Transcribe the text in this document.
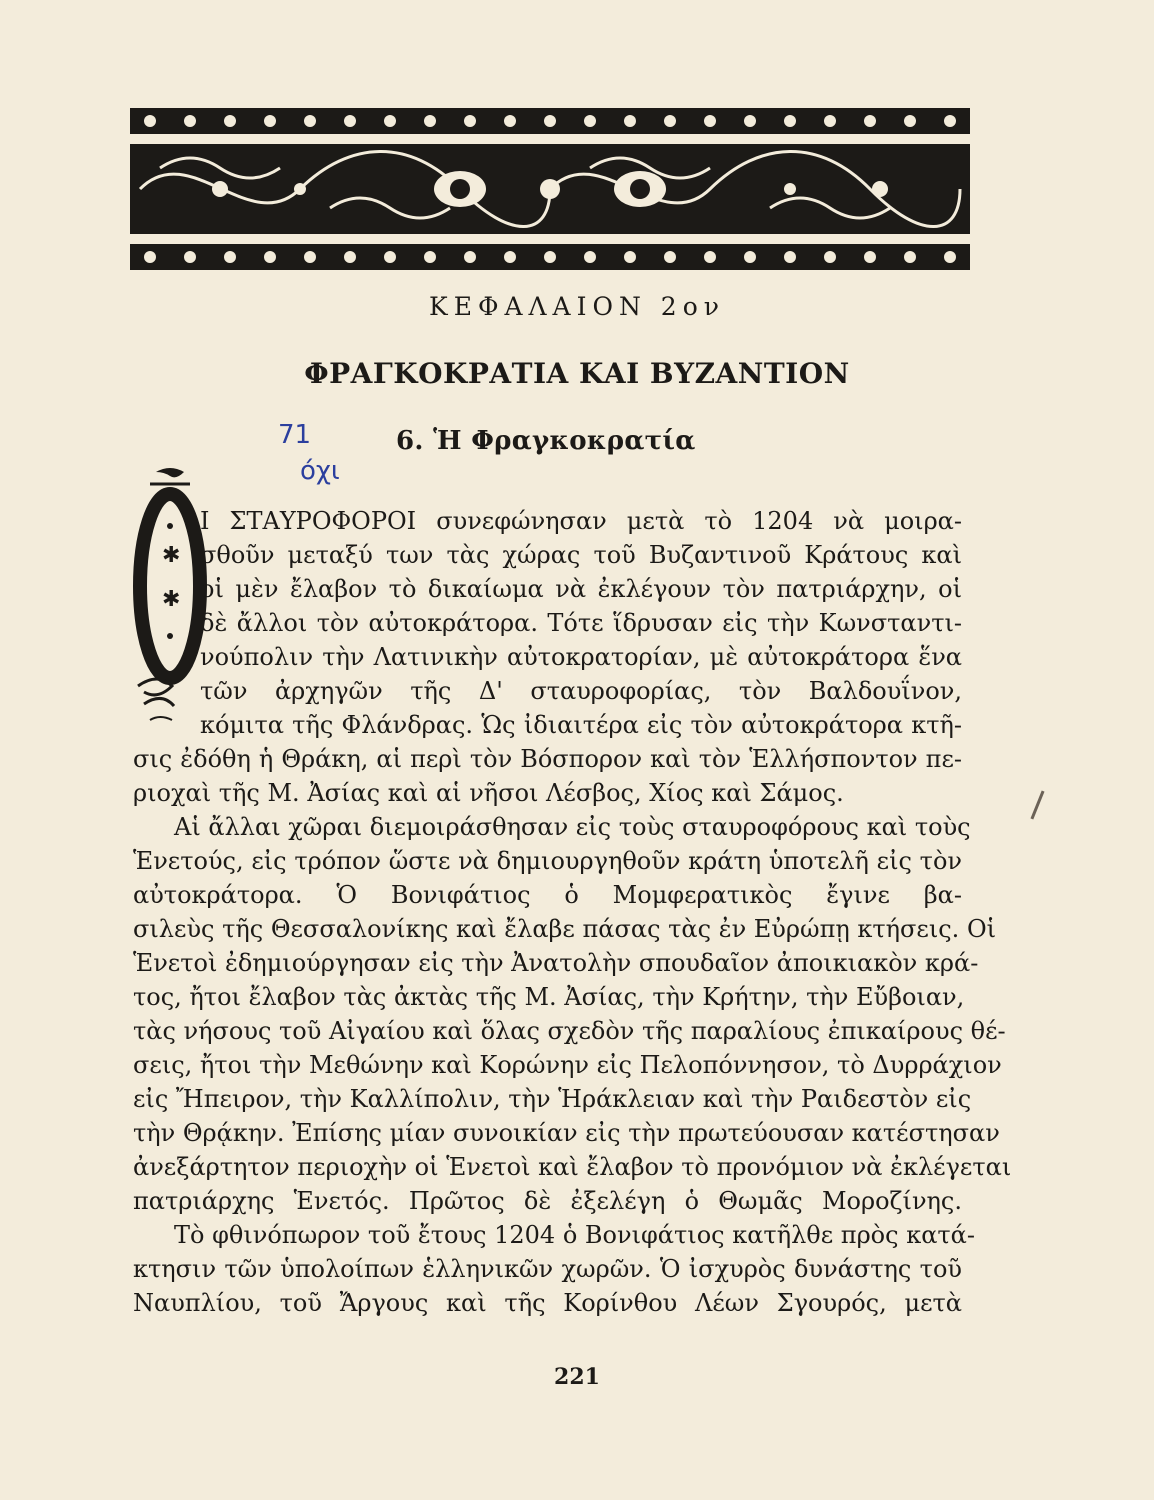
ΚΕΦΑΛΑΙΟΝ 2ον
ΦΡΑΓΚΟΚΡΑΤΙΑ ΚΑΙ ΒΥΖΑΝΤΙΟΝ
71
όχι
6. Ἡ Φραγκοκρατία
✱
✱
Ι ΣΤΑΥΡΟΦΟΡΟΙ συνεφώνησαν μετὰ τὸ 1204 νὰ μοιρα-
σθοῦν μεταξύ των τὰς χώρας τοῦ Βυζαντινοῦ Κράτους καὶ
οἱ μὲν ἔλαβον τὸ δικαίωμα νὰ ἐκλέγουν τὸν πατριάρχην, οἱ
δὲ ἄλλοι τὸν αὐτοκράτορα. Τότε ἵδρυσαν εἰς τὴν Κωνσταντι-
νούπολιν τὴν Λατινικὴν αὐτοκρατορίαν, μὲ αὐτοκράτορα ἕνα
τῶν ἀρχηγῶν τῆς Δ' σταυροφορίας, τὸν Βαλδουΐνον,
κόμιτα τῆς Φλάνδρας. Ὡς ἰδιαιτέρα εἰς τὸν αὐτοκράτορα κτῆ-
σις ἐδόθη ἡ Θράκη, αἱ περὶ τὸν Βόσπορον καὶ τὸν Ἑλλήσποντον πε-
ριοχαὶ τῆς Μ. Ἀσίας καὶ αἱ νῆσοι Λέσβος, Χίος καὶ Σάμος.
Αἱ ἄλλαι χῶραι διεμοιράσθησαν εἰς τοὺς σταυροφόρους καὶ τοὺς
Ἑνετούς, εἰς τρόπον ὥστε νὰ δημιουργηθοῦν κράτη ὑποτελῆ εἰς τὸν
αὐτοκράτορα. Ὁ Βονιφάτιος ὁ Μομφερατικὸς ἔγινε βα-
σιλεὺς τῆς Θεσσαλονίκης καὶ ἔλαβε πάσας τὰς ἐν Εὐρώπῃ κτήσεις. Οἱ
Ἑνετοὶ ἐδημιούργησαν εἰς τὴν Ἀνατολὴν σπουδαῖον ἀποικιακὸν κρά-
τος, ἤτοι ἔλαβον τὰς ἀκτὰς τῆς Μ. Ἀσίας, τὴν Κρήτην, τὴν Εὔβοιαν,
τὰς νήσους τοῦ Αἰγαίου καὶ ὅλας σχεδὸν τῆς παραλίους ἐπικαίρους θέ-
σεις, ἤτοι τὴν Μεθώνην καὶ Κορώνην εἰς Πελοπόννησον, τὸ Δυρράχιον
εἰς Ἤπειρον, τὴν Καλλίπολιν, τὴν Ἡράκλειαν καὶ τὴν Ραιδεστὸν εἰς
τὴν Θρᾴκην. Ἐπίσης μίαν συνοικίαν εἰς τὴν πρωτεύουσαν κατέστησαν
ἀνεξάρτητον περιοχὴν οἱ Ἑνετοὶ καὶ ἔλαβον τὸ προνόμιον νὰ ἐκλέγεται
πατριάρχης Ἑνετός. Πρῶτος δὲ ἐξελέγη ὁ Θωμᾶς Μοροζίνης.
Τὸ φθινόπωρον τοῦ ἔτους 1204 ὁ Βονιφάτιος κατῆλθε πρὸς κατά-
κτησιν τῶν ὑπολοίπων ἑλληνικῶν χωρῶν. Ὁ ἰσχυρὸς δυνάστης τοῦ
Ναυπλίου, τοῦ Ἄργους καὶ τῆς Κορίνθου Λέων Σγουρός, μετὰ
221
